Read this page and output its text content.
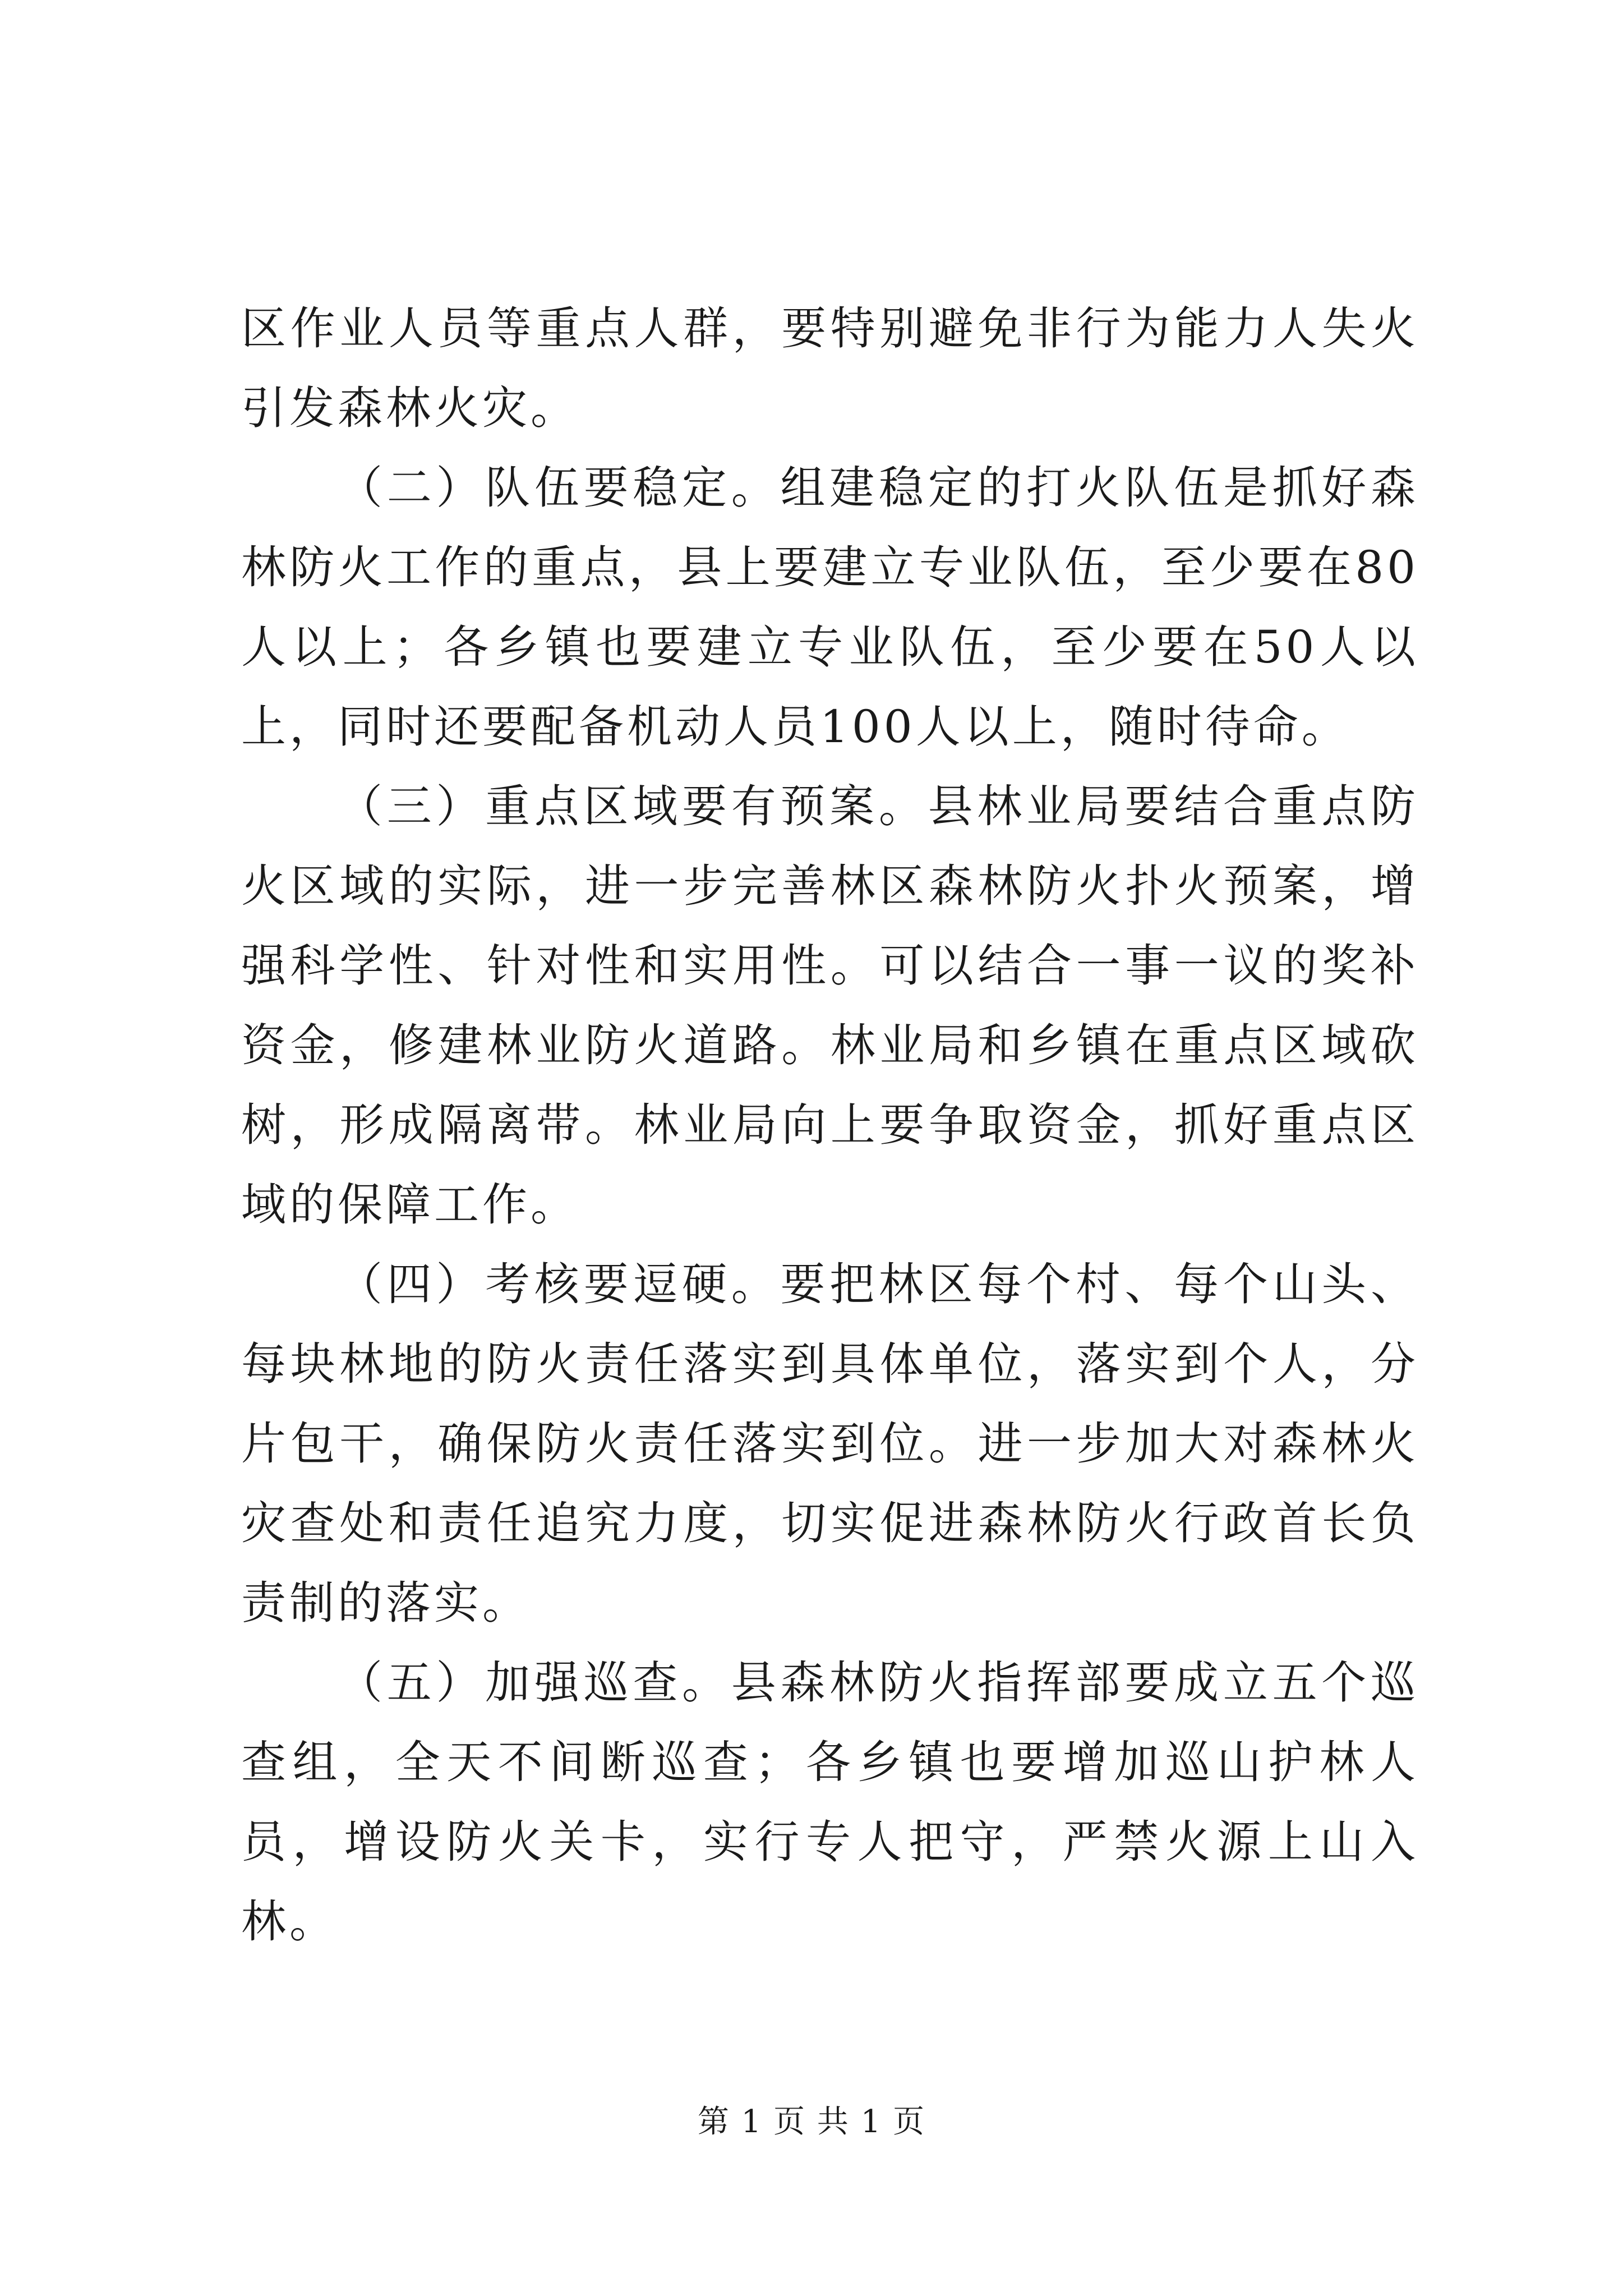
区作业人员等重点人群，要特别避免非行为能力人失火引发森林火灾。

（二）队伍要稳定。组建稳定的打火队伍是抓好森林防火工作的重点，县上要建立专业队伍，至少要在80人以上；各乡镇也要建立专业队伍，至少要在50人以上，同时还要配备机动人员100人以上，随时待命。

（三）重点区域要有预案。县林业局要结合重点防火区域的实际，进一步完善林区森林防火扑火预案，增强科学性、针对性和实用性。可以结合一事一议的奖补资金，修建林业防火道路。林业局和乡镇在重点区域砍树，形成隔离带。林业局向上要争取资金，抓好重点区域的保障工作。

（四）考核要逗硬。要把林区每个村、每个山头、每块林地的防火责任落实到具体单位，落实到个人，分片包干，确保防火责任落实到位。进一步加大对森林火灾查处和责任追究力度，切实促进森林防火行政首长负责制的落实。

（五）加强巡查。县森林防火指挥部要成立五个巡查组，全天不间断巡查；各乡镇也要增加巡山护林人员，增设防火关卡，实行专人把守，严禁火源上山入林。

第 1 页 共 1 页
